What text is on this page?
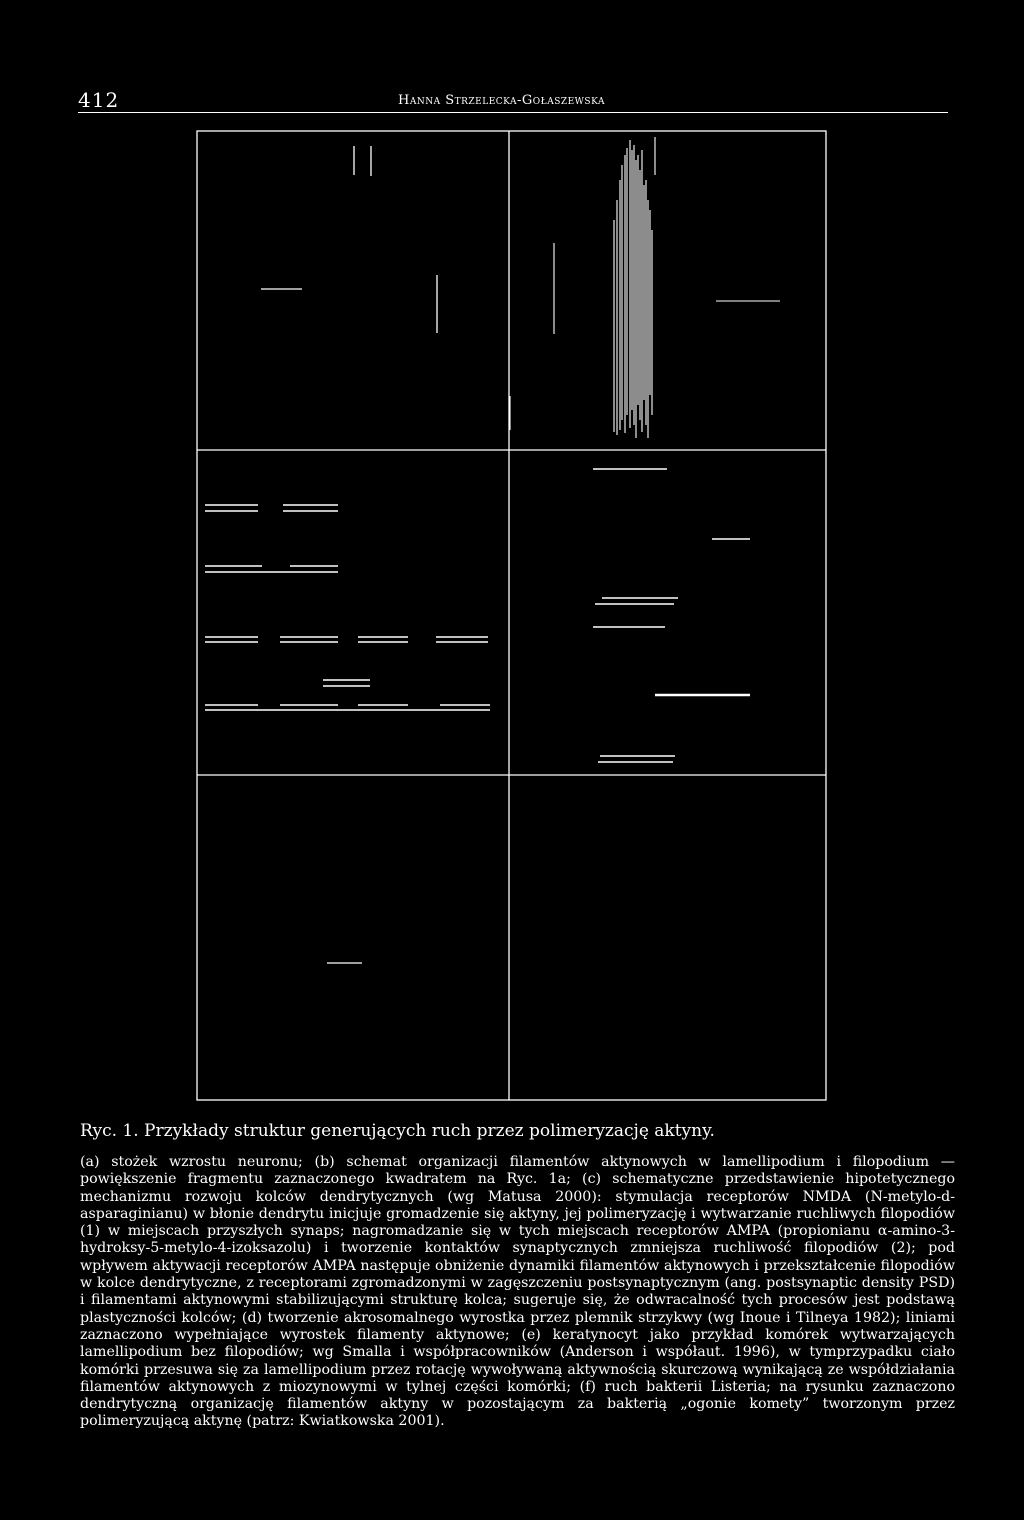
412	Hanna Strzelecka-Gołaszewska
Ryc. 1. Przykłady struktur generujących ruch przez polimeryzację aktyny.
(a) stożek wzrostu neuronu; (b) schemat organizacji filamentów aktynowych w lamellipodium i filopodium — powiększenie fragmentu zaznaczonego kwadratem na Ryc. 1a; (c) schematyczne przedstawienie hipotetycznego mechanizmu rozwoju kolców dendrytycznych (wg Matusa 2000): stymulacja receptorów NMDA (N-metylo-d-asparaginianu) w błonie dendrytu inicjuje gromadzenie się aktyny, jej polimeryzację i wytwarzanie ruchliwych filopodiów (1) w miejscach przyszłych synaps; nagromadzanie się w tych miejscach receptorów AMPA (propionianu α-amino-3-hydroksy-5-metylo-4-izoksazolu) i tworzenie kontaktów synaptycznych zmniejsza ruchliwość filopodiów (2); pod wpływem aktywacji receptorów AMPA następuje obniżenie dynamiki filamentów aktynowych i przekształcenie filopodiów w kolce dendrytyczne, z receptorami zgromadzonymi w zagęszczeniu postsynaptycznym (ang. postsynaptic density PSD) i filamentami aktynowymi stabilizującymi strukturę kolca; sugeruje się, że odwracalność tych procesów jest podstawą plastyczności kolców; (d) tworzenie akrosomalnego wyrostka przez plemnik strzykwy (wg Inoue i Tilneya 1982); liniami zaznaczono wypełniające wyrostek filamenty aktynowe; (e) keratynocyt jako przykład komórek wytwarzających lamellipodium bez filopodiów; wg Smalla i współpracowników (Anderson i współaut. 1996), w tymprzypadku ciało komórki przesuwa się za lamellipodium przez rotację wywoływaną aktywnością skurczową wynikającą ze współdziałania filamentów aktynowych z miozynowymi w tylnej części komórki; (f) ruch bakterii Listeria; na rysunku zaznaczono dendrytyczną organizację filamentów aktyny w pozostającym za bakterią „ogonie komety” tworzonym przez polimeryzującą aktynę (patrz: Kwiatkowska 2001).
